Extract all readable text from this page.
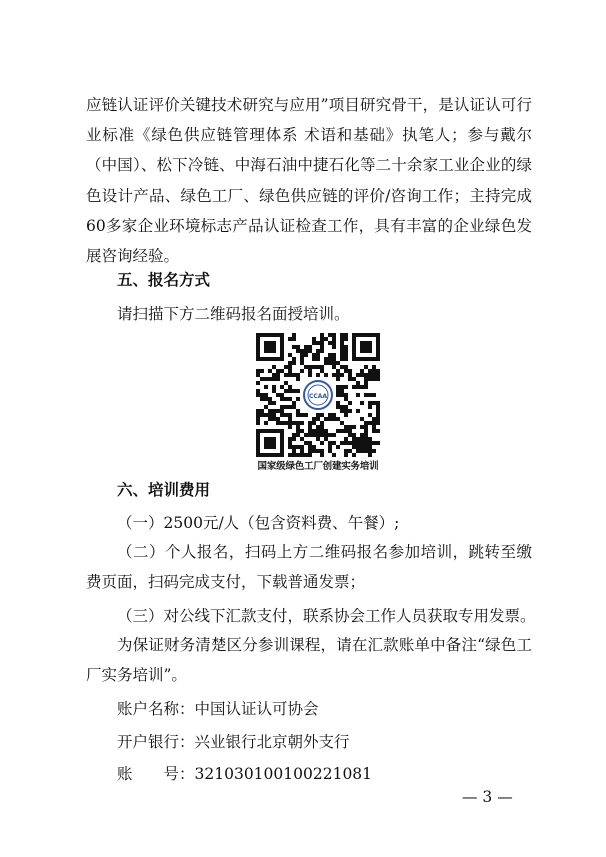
应链认证评价关键技术研究与应用”项目研究骨干，是认证认可行业标准《绿色供应链管理体系 术语和基础》执笔人；参与戴尔（中国）、松下冷链、中海石油中捷石化等二十余家工业企业的绿色设计产品、绿色工厂、绿色供应链的评价/咨询工作；主持完成 60多家企业环境标志产品认证检查工作，具有丰富的企业绿色发展咨询经验。

五、报名方式

请扫描下方二维码报名面授培训。

CCAA
国家级绿色工厂创建实务培训

六、培训费用

（一）2500元/人（包含资料费、午餐）;

（二）个人报名，扫码上方二维码报名参加培训，跳转至缴费页面，扫码完成支付，下载普通发票；

（三）对公线下汇款支付，联系协会工作人员获取专用发票。

为保证财务清楚区分参训课程，请在汇款账单中备注“绿色工厂实务培训”。

账户名称：中国认证认可协会

开户银行：兴业银行北京朝外支行

账　　号：321030100100221081

— 3 —
